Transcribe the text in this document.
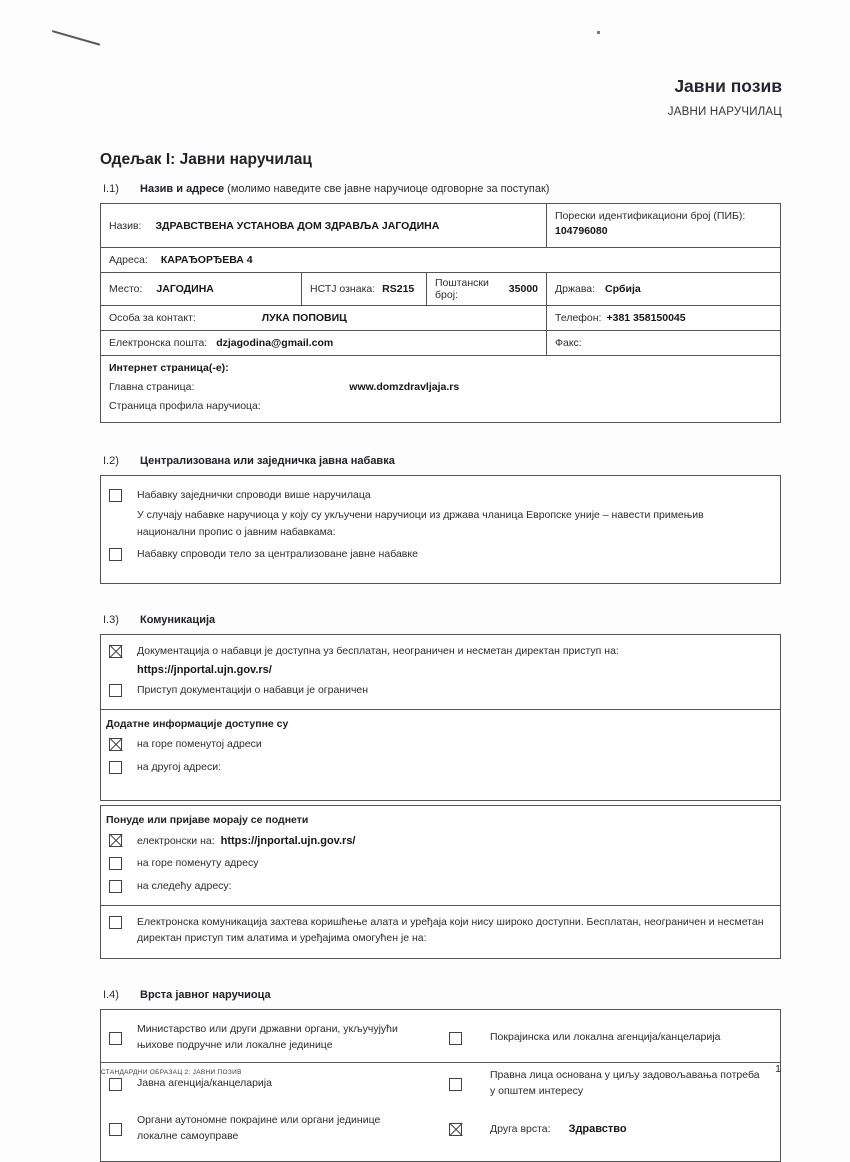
Јавни позив
ЈАВНИ НАРУЧИЛАЦ
Одељак I: Јавни наручилац
I.1)	Назив и адресе (молимо наведите све јавне наручиоце одговорне за поступак)
Назив: ЗДРАВСТВЕНА УСТАНОВА ДОМ ЗДРАВЉА ЈАГОДИНА
Порески идентификациони број (ПИБ):
104796080
Адреса: КАРАЂОРЂЕВА 4
Место: ЈАГОДИНА	НСТЈ ознака: RS215 Поштански број:	35000 Држава: Србија
Особа за контакт:	ЛУКА ПОПОВИЦ	Телефон: +381 358150045
Електронска пошта: dzjagodina@gmail.com	Факс:
Интернет страница(-е):
Главна страница:	www.domzdravljaja.rs
Страница профила наручиоца:
I.2)	Централизована или заједничка јавна набавка
Набавку заједнички спроводи више наручилаца
У случају набавке наручиоца у коју су укључени наручиоци из држава чланица Европске уније – навести примењив национални пропис о јавним набавкама:
Набавку спроводи тело за централизоване јавне набавке
I.3)	Комуникација
Документација о набавци је доступна уз бесплатан, неограничен и несметан директан приступ на:
https://jnportal.ujn.gov.rs/
Приступ документацији о набавци је ограничен
Додатне информације доступне су
на горе поменутој адреси
на другој адреси:
Понуде или пријаве морају се поднети
електронски на: https://jnportal.ujn.gov.rs/
на горе поменуту адресу
на следећу адресу:
Електронска комуникација захтева коришћење алата и уређаја који нису широко доступни. Бесплатан, неограничен и несметан директан приступ тим алатима и уређајима омогућен је на:
I.4)	Врста јавног наручиоца
Министарство или други државни органи, укључујући њихове подручне или локалне јединице
Покрајинска или локална агенција/канцеларија
Јавна агенција/канцеларија
Правна лица основана у циљу задовољавања потреба у општем интересу
Органи аутономне покрајине или органи јединице локалне самоуправе
Друга врста: Здравство
СТАНДАРДНИ ОБРАЗАЦ 2: ЈАВНИ ПОЗИВ	1
